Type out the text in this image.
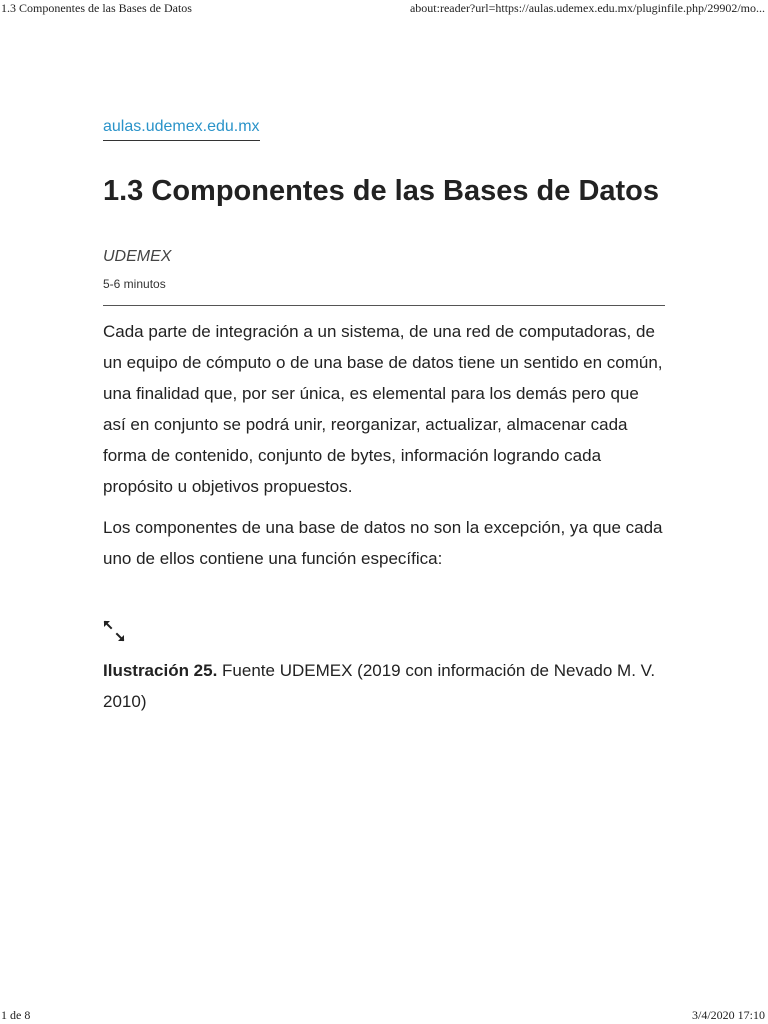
1.3 Componentes de las Bases de Datos	about:reader?url=https://aulas.udemex.edu.mx/pluginfile.php/29902/mo...
aulas.udemex.edu.mx
1.3 Componentes de las Bases de Datos
UDEMEX
5-6 minutos

Cada parte de integración a un sistema, de una red de computadoras, de un equipo de cómputo o de una base de datos tiene un sentido en común, una finalidad que, por ser única, es elemental para los demás pero que así en conjunto se podrá unir, reorganizar, actualizar, almacenar cada forma de contenido, conjunto de bytes, información logrando cada propósito u objetivos propuestos.

Los componentes de una base de datos no son la excepción, ya que cada uno de ellos contiene una función específica:

Ilustración 25. Fuente UDEMEX (2019 con información de Nevado M. V. 2010)
1 de 8	3/4/2020 17:10
